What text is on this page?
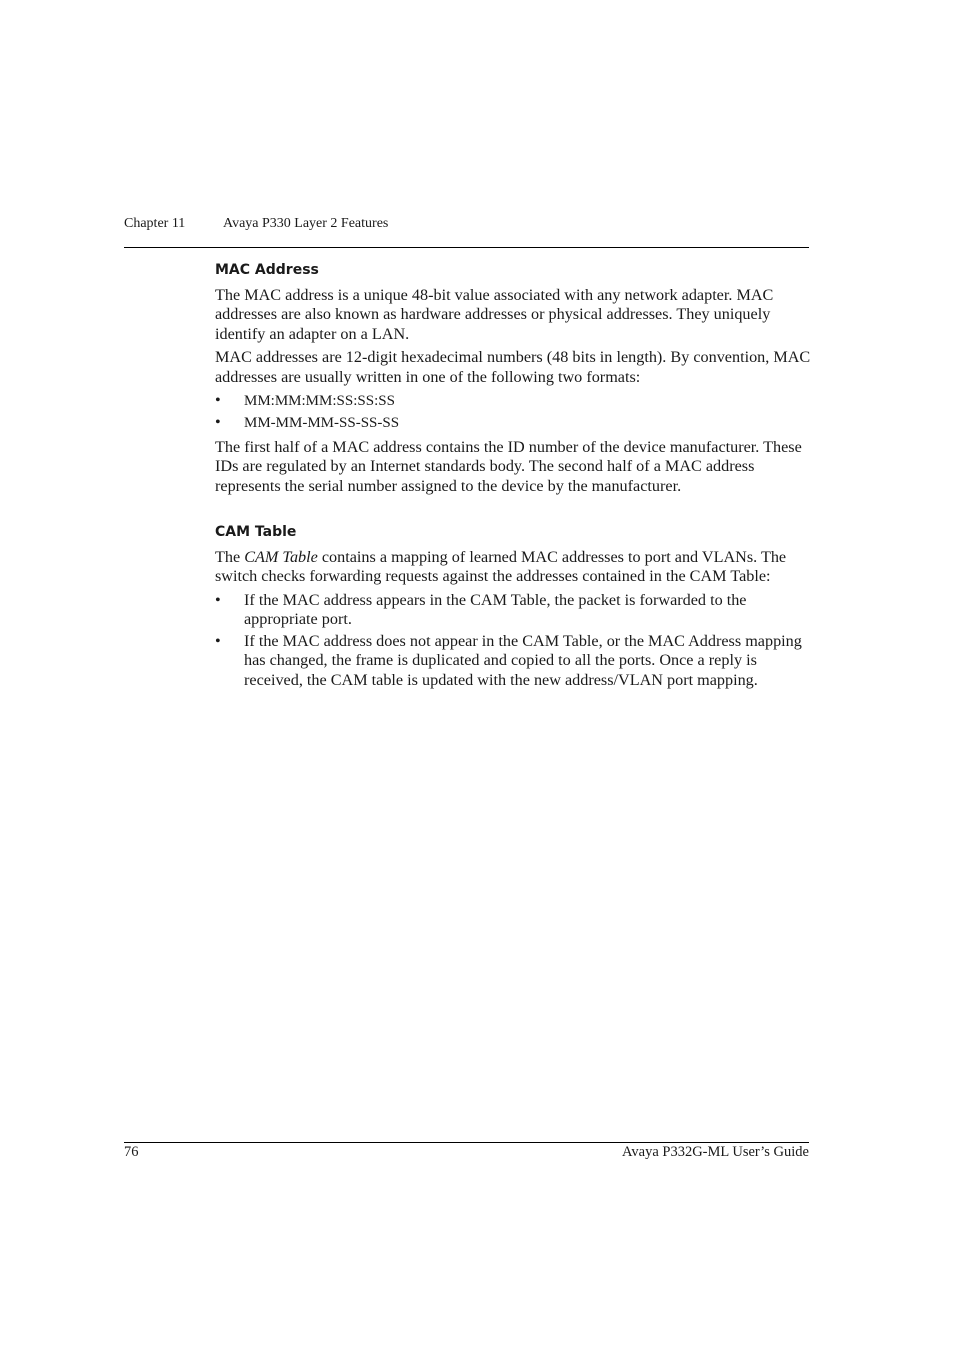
Chapter 11	Avaya P330 Layer 2 Features
MAC Address

The MAC address is a unique 48-bit value associated with any network adapter. MAC addresses are also known as hardware addresses or physical addresses. They uniquely identify an adapter on a LAN.

MAC addresses are 12-digit hexadecimal numbers (48 bits in length). By convention, MAC addresses are usually written in one of the following two formats:

• MM:MM:MM:SS:SS:SS
• MM-MM-MM-SS-SS-SS

The first half of a MAC address contains the ID number of the device manufacturer. These IDs are regulated by an Internet standards body. The second half of a MAC address represents the serial number assigned to the device by the manufacturer.

CAM Table

The CAM Table contains a mapping of learned MAC addresses to port and VLANs. The switch checks forwarding requests against the addresses contained in the CAM Table:

• If the MAC address appears in the CAM Table, the packet is forwarded to the appropriate port.
• If the MAC address does not appear in the CAM Table, or the MAC Address mapping has changed, the frame is duplicated and copied to all the ports. Once a reply is received, the CAM table is updated with the new address/VLAN port mapping.
76	Avaya P332G-ML User’s Guide
